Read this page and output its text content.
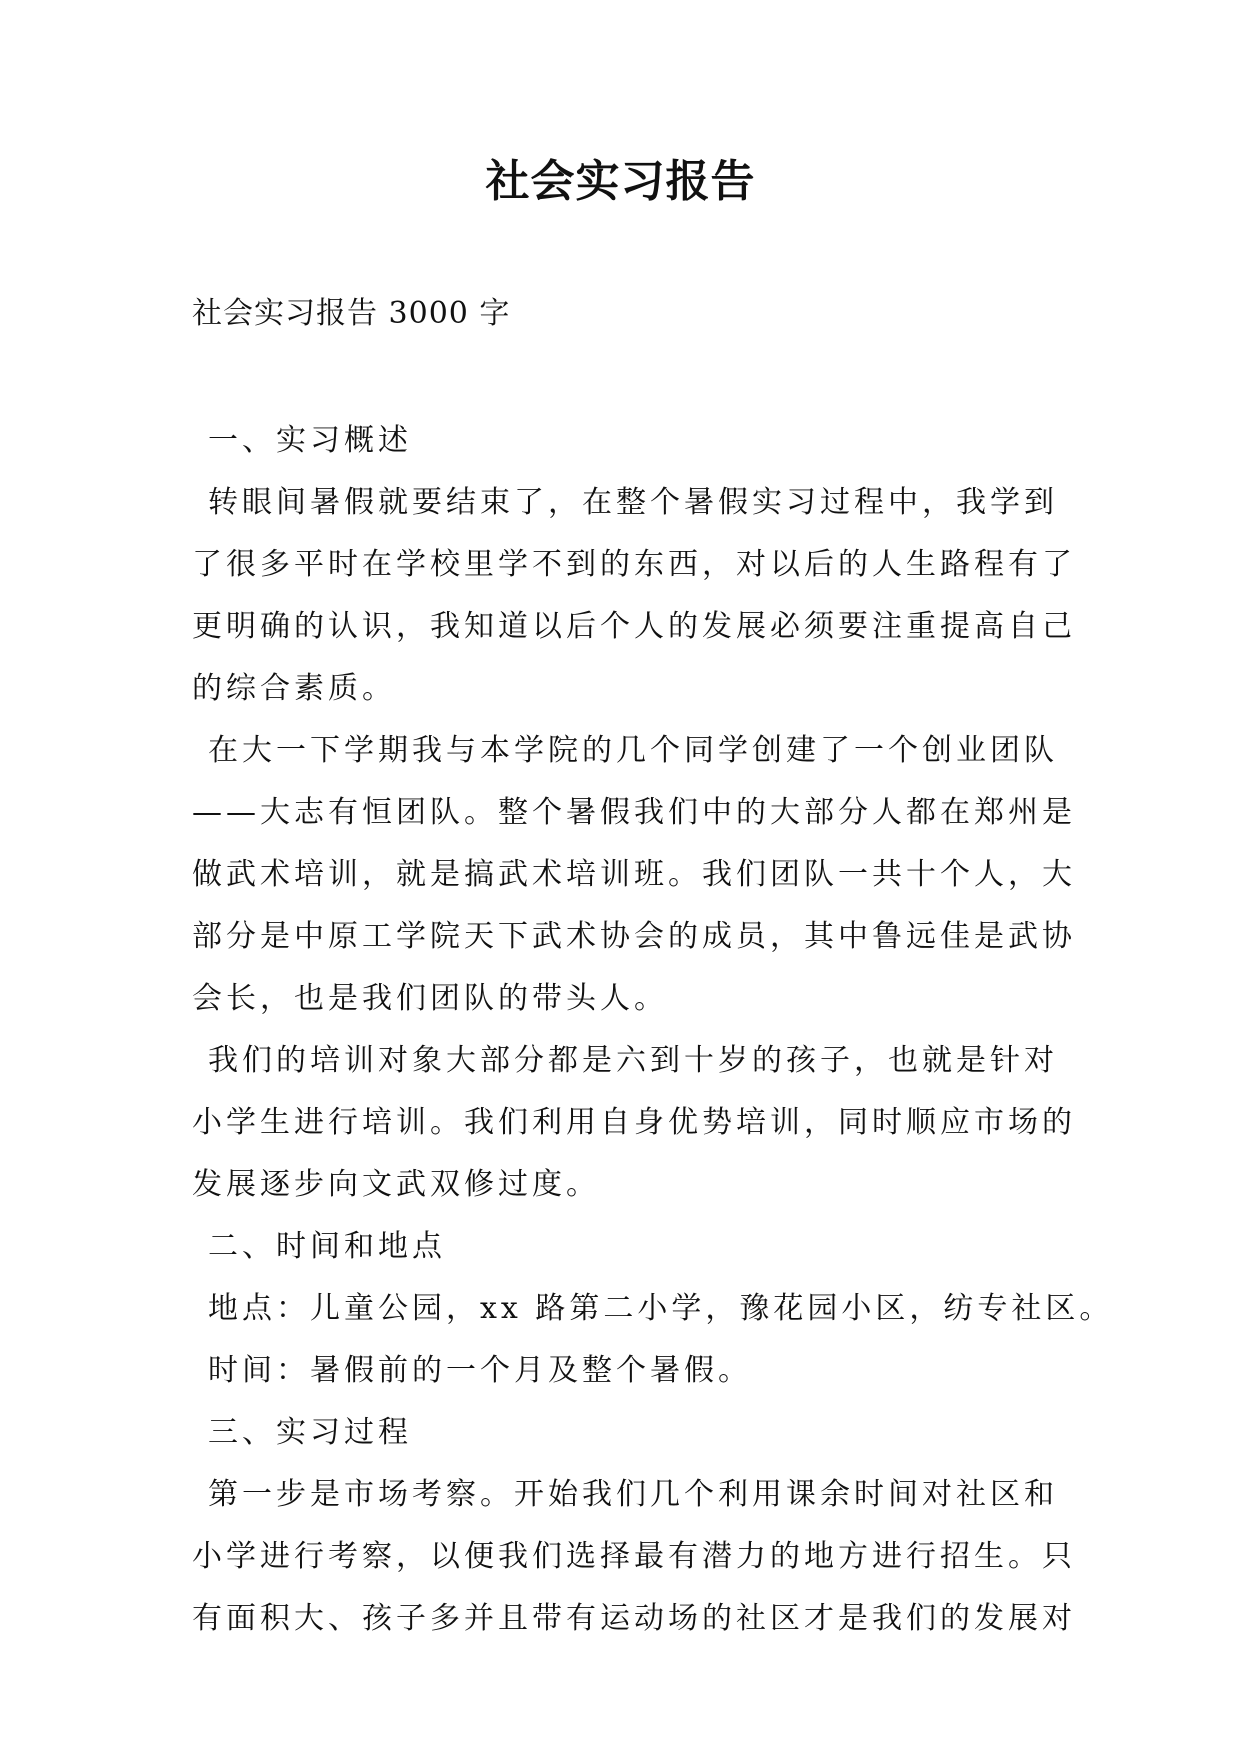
社会实习报告
社会实习报告 3000 字
一、实习概述
转眼间暑假就要结束了，在整个暑假实习过程中，我学到
了很多平时在学校里学不到的东西，对以后的人生路程有了
更明确的认识，我知道以后个人的发展必须要注重提高自己
的综合素质。
在大一下学期我与本学院的几个同学创建了一个创业团队
——大志有恒团队。整个暑假我们中的大部分人都在郑州是
做武术培训，就是搞武术培训班。我们团队一共十个人，大
部分是中原工学院天下武术协会的成员，其中鲁远佳是武协
会长，也是我们团队的带头人。
我们的培训对象大部分都是六到十岁的孩子，也就是针对
小学生进行培训。我们利用自身优势培训，同时顺应市场的
发展逐步向文武双修过度。
二、时间和地点
地点：儿童公园，xx 路第二小学，豫花园小区，纺专社区。
时间：暑假前的一个月及整个暑假。
三、实习过程
第一步是市场考察。开始我们几个利用课余时间对社区和
小学进行考察，以便我们选择最有潜力的地方进行招生。只
有面积大、孩子多并且带有运动场的社区才是我们的发展对
